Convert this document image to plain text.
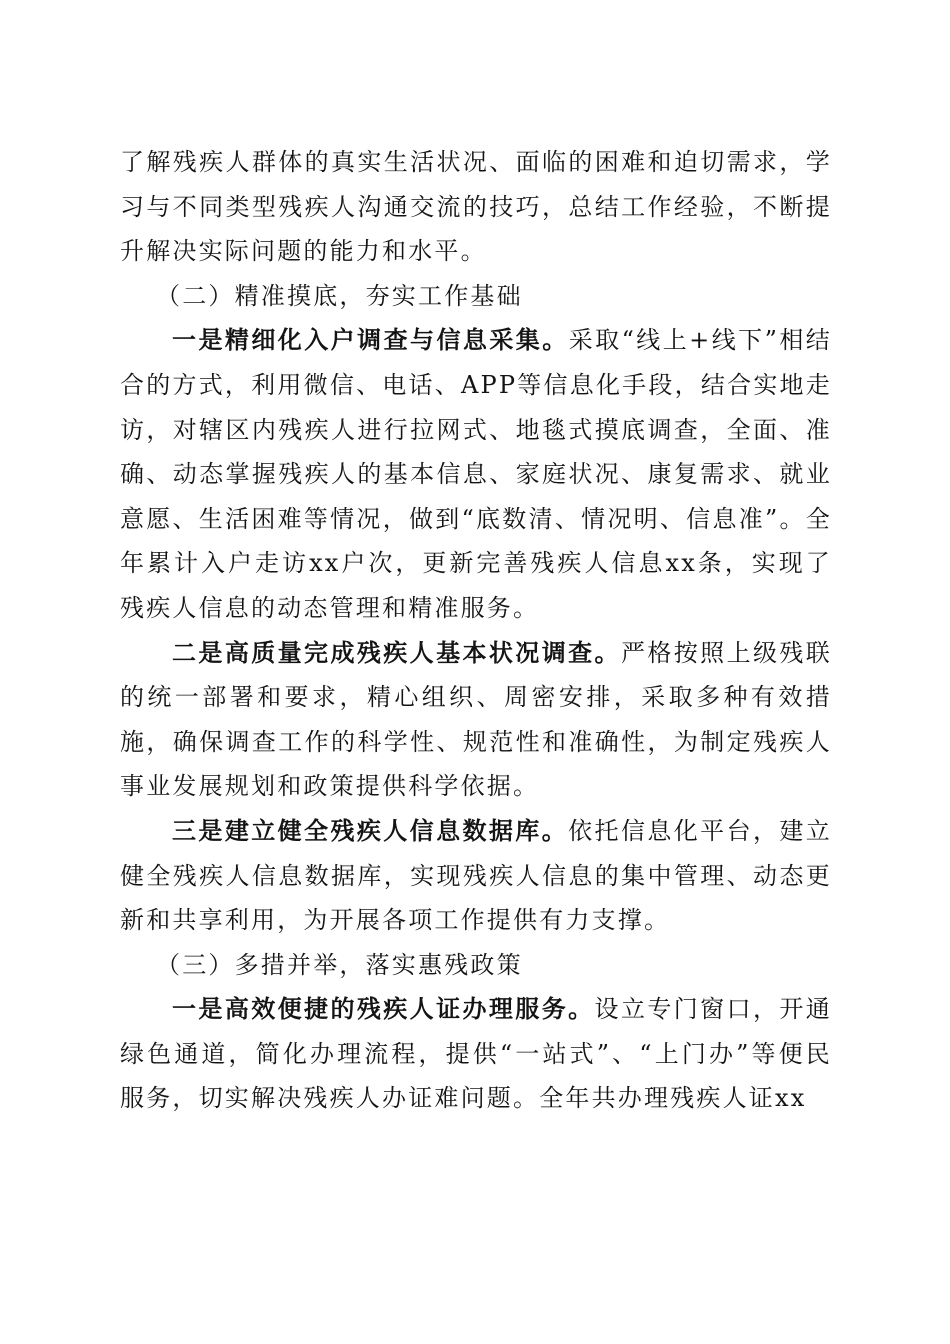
了解残疾人群体的真实生活状况、面临的困难和迫切需求，学习与不同类型残疾人沟通交流的技巧，总结工作经验，不断提升解决实际问题的能力和水平。

（二）精准摸底，夯实工作基础

一是精细化入户调查与信息采集。采取“线上+线下”相结合的方式，利用微信、电话、APP等信息化手段，结合实地走访，对辖区内残疾人进行拉网式、地毯式摸底调查，全面、准确、动态掌握残疾人的基本信息、家庭状况、康复需求、就业意愿、生活困难等情况，做到“底数清、情况明、信息准”。全年累计入户走访xx户次，更新完善残疾人信息xx条，实现了残疾人信息的动态管理和精准服务。

二是高质量完成残疾人基本状况调查。严格按照上级残联的统一部署和要求，精心组织、周密安排，采取多种有效措施，确保调查工作的科学性、规范性和准确性，为制定残疾人事业发展规划和政策提供科学依据。

三是建立健全残疾人信息数据库。依托信息化平台，建立健全残疾人信息数据库，实现残疾人信息的集中管理、动态更新和共享利用，为开展各项工作提供有力支撑。

（三）多措并举，落实惠残政策

一是高效便捷的残疾人证办理服务。设立专门窗口，开通绿色通道，简化办理流程，提供“一站式”、“上门办”等便民服务，切实解决残疾人办证难问题。全年共办理残疾人证xx
